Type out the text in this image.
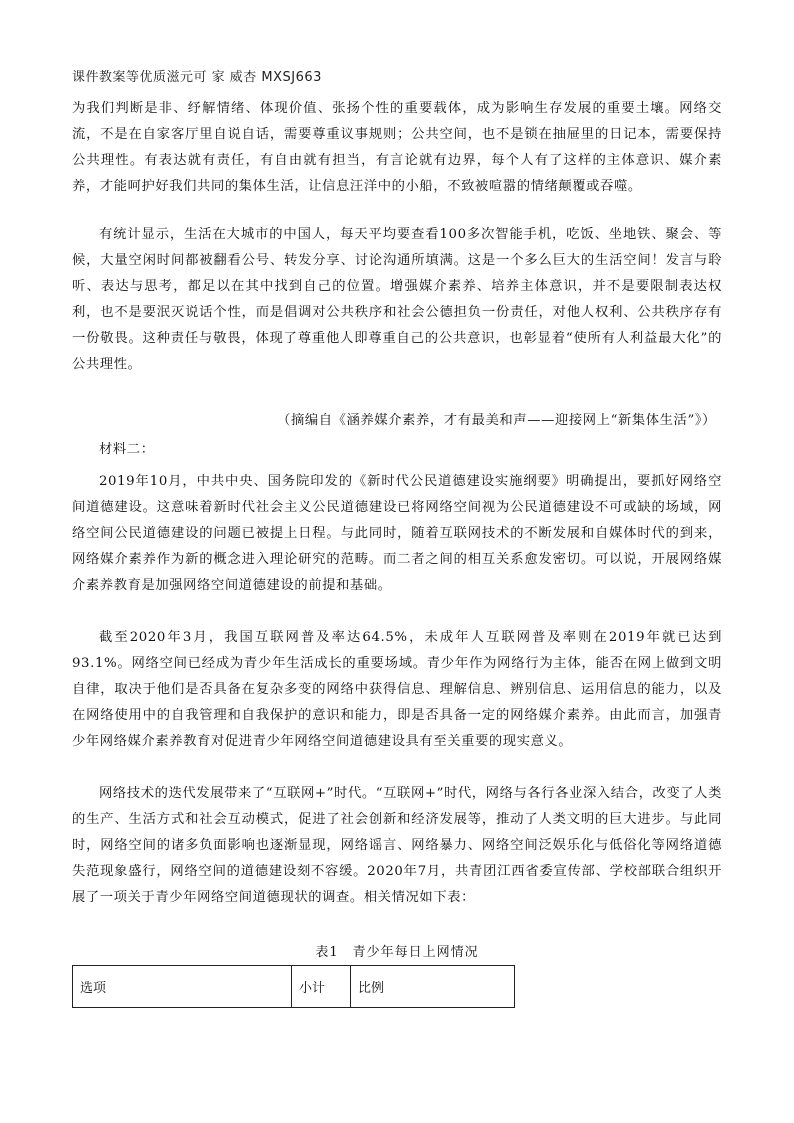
课件教案等优质滋元可 家 威杏 MXSJ663
为我们判断是非、纾解情绪、体现价值、张扬个性的重要载体，成为影响生存发展的重要土壤。网络交流，不是在自家客厅里自说自话，需要尊重议事规则；公共空间，也不是锁在抽屉里的日记本，需要保持公共理性。有表达就有责任，有自由就有担当，有言论就有边界，每个人有了这样的主体意识、媒介素养，才能呵护好我们共同的集体生活，让信息汪洋中的小船，不致被喧嚣的情绪颠覆或吞噬。
有统计显示，生活在大城市的中国人，每天平均要查看100多次智能手机，吃饭、坐地铁、聚会、等候，大量空闲时间都被翻看公号、转发分享、讨论沟通所填满。这是一个多么巨大的生活空间！发言与聆听、表达与思考，都足以在其中找到自己的位置。增强媒介素养、培养主体意识，并不是要限制表达权利，也不是要泯灭说话个性，而是倡调对公共秩序和社会公德担负一份责任，对他人权利、公共秩序存有一份敬畏。这种责任与敬畏，体现了尊重他人即尊重自己的公共意识，也彰显着“使所有人利益最大化”的公共理性。
（摘编自《涵养媒介素养，才有最美和声——迎接网上“新集体生活”》）
材料二：
2019年10月，中共中央、国务院印发的《新时代公民道德建设实施纲要》明确提出，要抓好网络空间道德建设。这意味着新时代社会主义公民道德建设已将网络空间视为公民道德建设不可或缺的场域，网络空间公民道德建设的问题已被提上日程。与此同时，随着互联网技术的不断发展和自媒体时代的到来，网络媒介素养作为新的概念进入理论研究的范畴。而二者之间的相互关系愈发密切。可以说，开展网络媒介素养教育是加强网络空间道德建设的前提和基础。
截至2020年3月，我国互联网普及率达64.5%，未成年人互联网普及率则在2019年就已达到93.1%。网络空间已经成为青少年生活成长的重要场域。青少年作为网络行为主体，能否在网上做到文明自律，取决于他们是否具备在复杂多变的网络中获得信息、理解信息、辨别信息、运用信息的能力，以及在网络使用中的自我管理和自我保护的意识和能力，即是否具备一定的网络媒介素养。由此而言，加强青少年网络媒介素养教育对促进青少年网络空间道德建设具有至关重要的现实意义。
网络技术的迭代发展带来了“互联网+”时代。“互联网+”时代，网络与各行各业深入结合，改变了人类的生产、生活方式和社会互动模式，促进了社会创新和经济发展等，推动了人类文明的巨大进步。与此同时，网络空间的诸多负面影响也逐渐显现，网络谣言、网络暴力、网络空间泛娱乐化与低俗化等网络道德失范现象盛行，网络空间的道德建设刻不容缓。2020年7月，共青团江西省委宣传部、学校部联合组织开展了一项关于青少年网络空间道德现状的调查。相关情况如下表：
表1　青少年每日上网情况
选项	小计	比例
